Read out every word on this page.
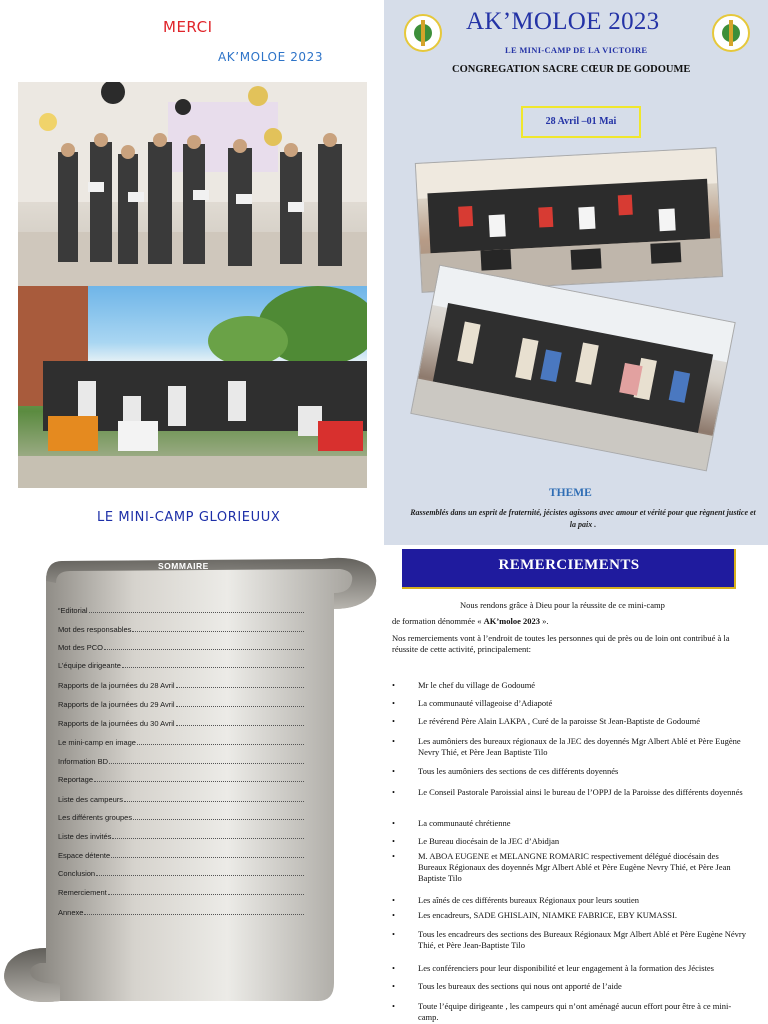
MERCI
AK’MOLOE 2023
LE MINI-CAMP GLORIEUUX
AK’MOLOE 2023
LE MINI-CAMP DE LA VICTOIRE
CONGREGATION SACRE CŒUR DE GODOUME
28 Avril –01 Mai
THEME
Rassemblés dans un esprit de fraternité, jécistes agissons avec amour et vérité pour que règnent justice et la paix .
SOMMAIRE
“Editorial
Mot des responsables
Mot des PCO
L’équipe dirigeante
Rapports de la journées du 28 Avril
Rapports de la journées du 29 Avril
Rapports de la journées du 30 Avril
Le mini-camp en image
Information BD
Reportage
Liste des campeurs
Les différents groupes
Liste des invités
Espace détente
Conclusion
Remerciement
Annexe
REMERCIEMENTS
Nous rendons grâce à Dieu pour la réussite de ce mini-camp
de formation dénommée « AK’moloe 2023 ».
Nos remerciements vont à l’endroit de toutes les personnes qui de près ou de loin ont contribué à la réussite de cette activité, principalement:
•	Mr le chef du village de Godoumé
•	La communauté villageoise d’Adiapoté
•	Le révérend Père Alain LAKPA , Curé de la paroisse St Jean-Baptiste de Godoumé
•	Les aumôniers des bureaux régionaux de la JEC des doyennés Mgr Albert Ablé et Père Eugène Nevry Thié, et Père Jean Baptiste Tilo
•	Tous les aumôniers des sections de ces différents doyennés
•	Le Conseil Pastorale Paroissial ainsi le bureau de l’OPPJ de la Paroisse des différents doyennés
•	La communauté chrétienne
•	Le Bureau diocésain de la JEC d’Abidjan
•	M. ABOA EUGENE et MELANGNE ROMARIC respectivement délégué diocésain des Bureaux Régionaux des doyennés Mgr Albert Ablé et Père Eugène Nevry Thié, et Père Jean Baptiste Tilo
•	Les aînés de ces différents bureaux Régionaux pour leurs soutien
•	Les encadreurs, SADE GHISLAIN, NIAMKE FABRICE, EBY KUMASSI.
•	Tous les encadreurs des sections des Bureaux Régionaux Mgr Albert Ablé et Père Eugène Névry Thié, et Père Jean-Baptiste Tilo
•	Les conférenciers pour leur disponibilité et leur engagement à la formation des Jécistes
•	Tous les bureaux des sections qui nous ont apporté de l’aide
•	Toute l’équipe dirigeante , les campeurs qui n’ont aménagé aucun effort pour être à ce mini-camp.
